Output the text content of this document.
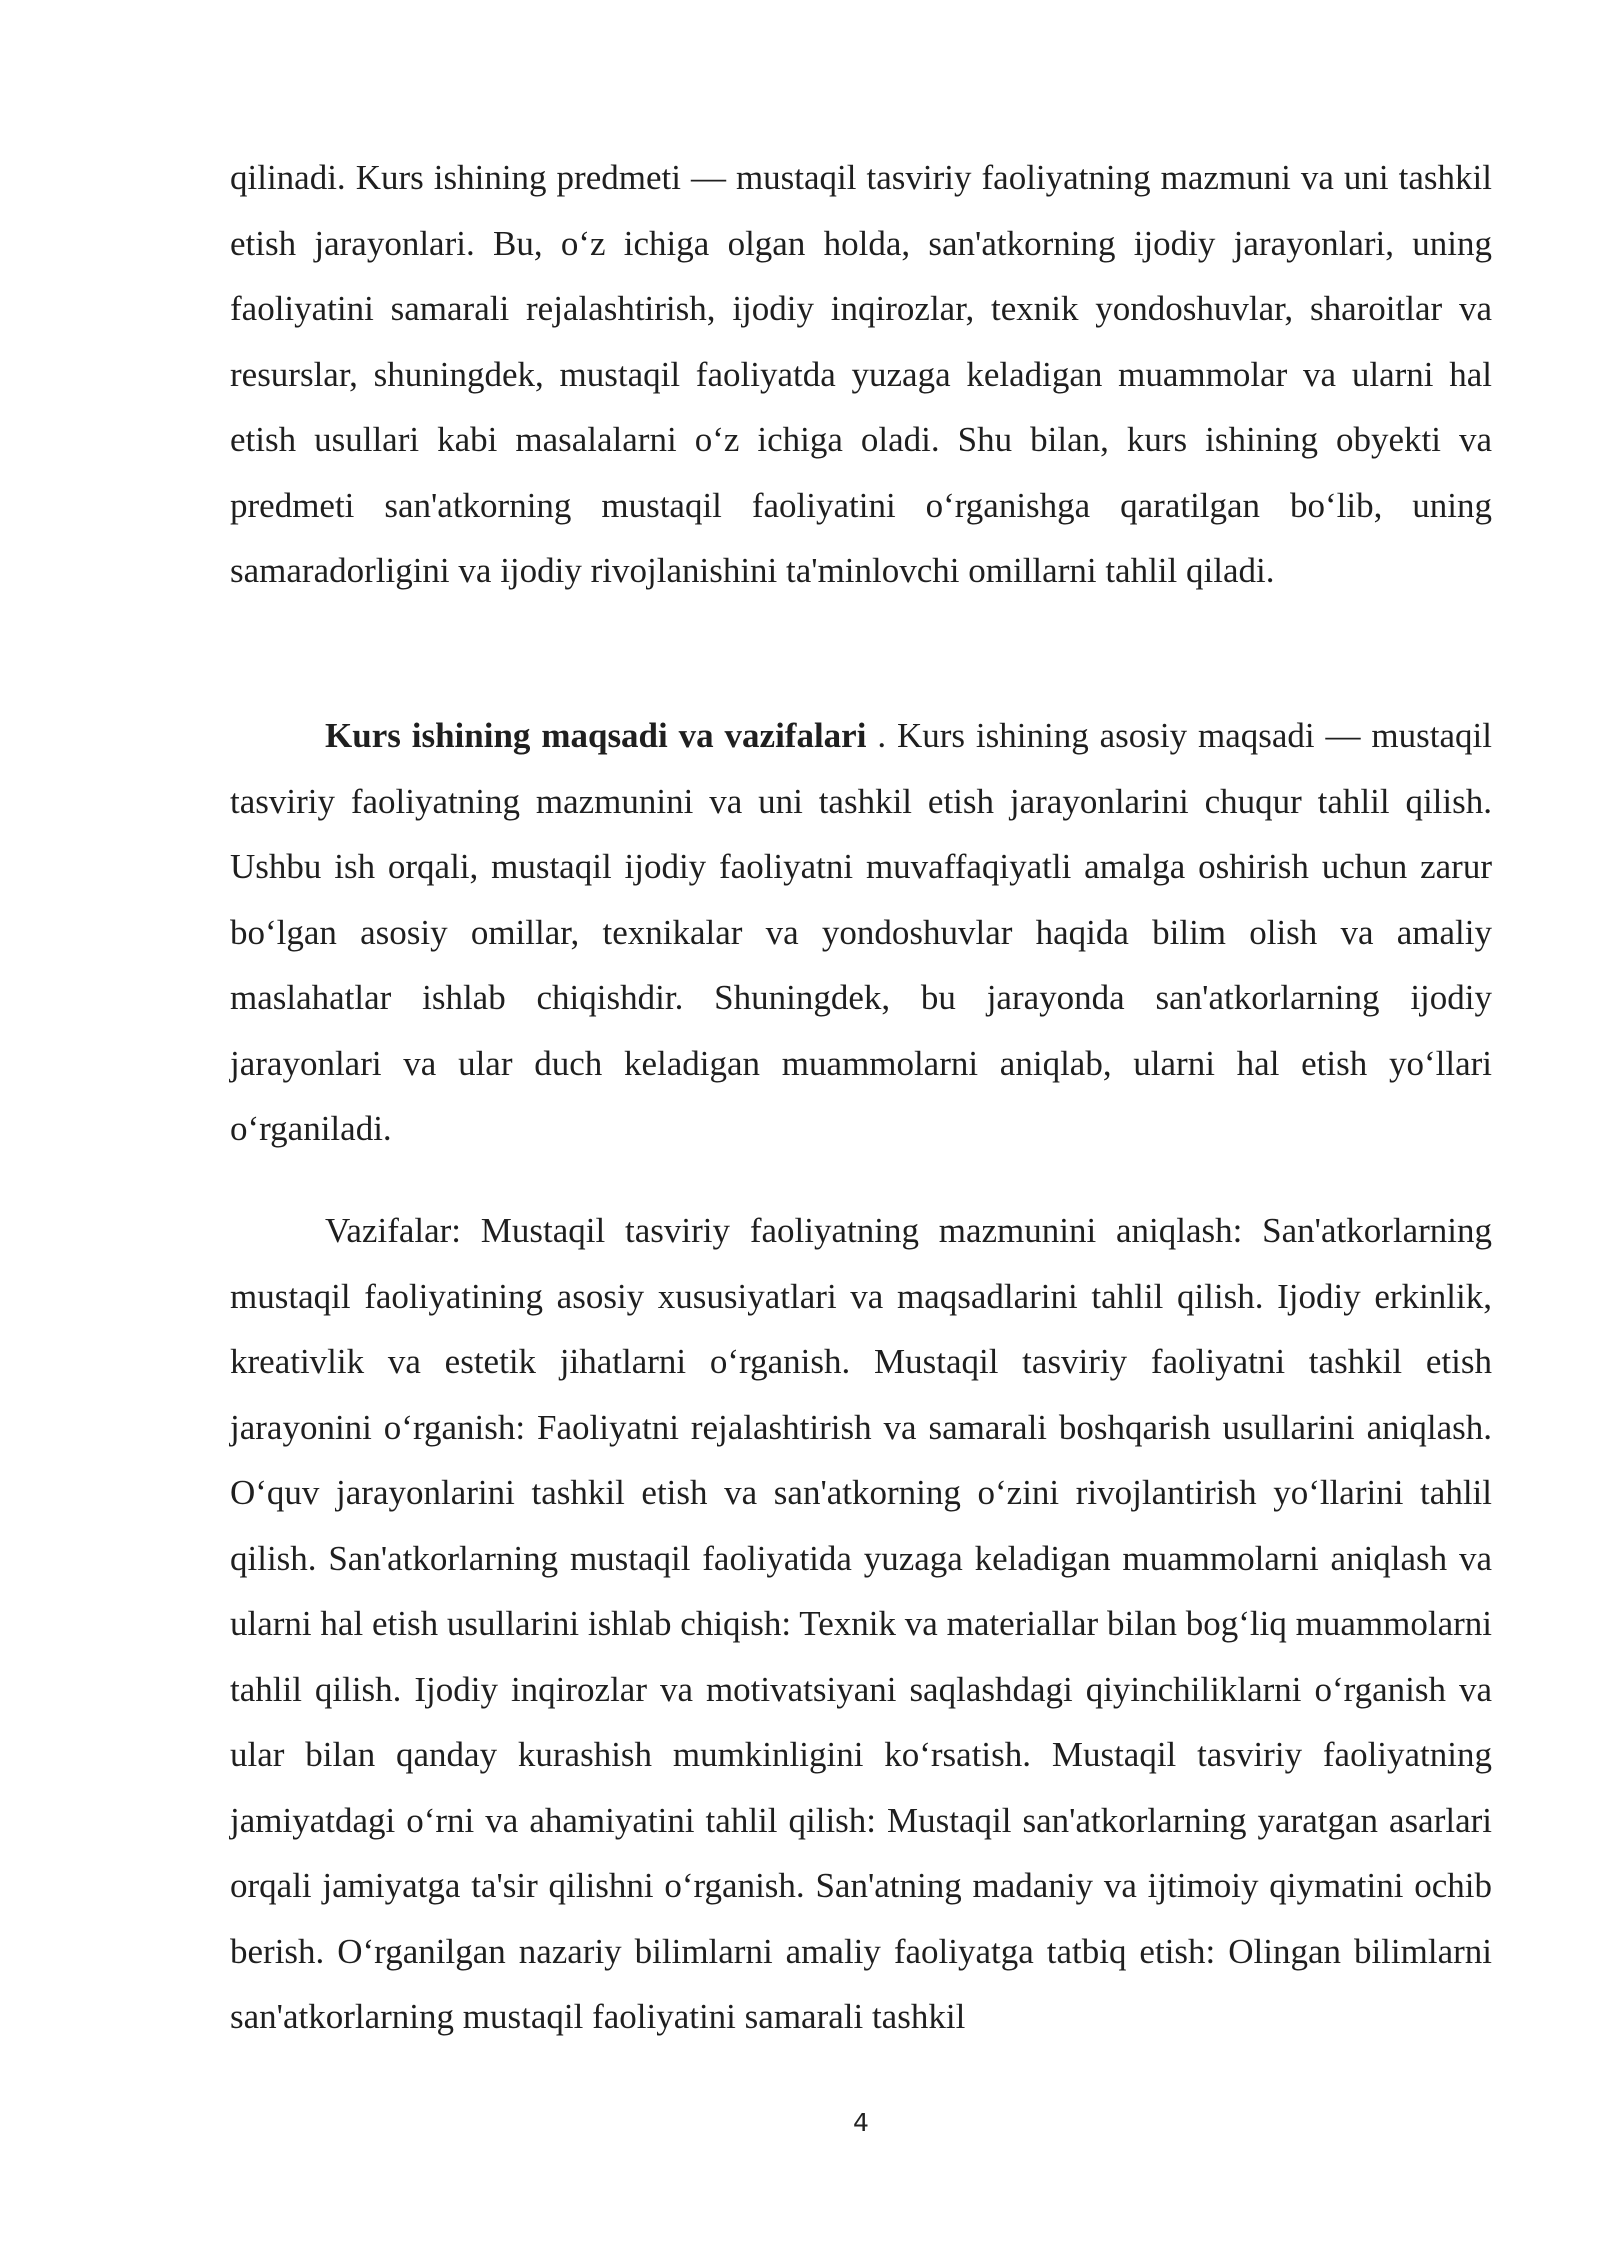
qilinadi. Kurs ishining predmeti — mustaqil tasviriy faoliyatning mazmuni va uni tashkil etish jarayonlari. Bu, o‘z ichiga olgan holda, san'atkorning ijodiy jarayonlari, uning faoliyatini samarali rejalashtirish, ijodiy inqirozlar, texnik yondoshuvlar, sharoitlar va resurslar, shuningdek, mustaqil faoliyatda yuzaga keladigan muammolar va ularni hal etish usullari kabi masalalarni o‘z ichiga oladi. Shu bilan, kurs ishining obyekti va predmeti san'atkorning mustaqil faoliyatini o‘rganishga qaratilgan bo‘lib, uning samaradorligini va ijodiy rivojlanishini ta'minlovchi omillarni tahlil qiladi.

Kurs ishining maqsadi va vazifalari . Kurs ishining asosiy maqsadi — mustaqil tasviriy faoliyatning mazmunini va uni tashkil etish jarayonlarini chuqur tahlil qilish. Ushbu ish orqali, mustaqil ijodiy faoliyatni muvaffaqiyatli amalga oshirish uchun zarur bo‘lgan asosiy omillar, texnikalar va yondoshuvlar haqida bilim olish va amaliy maslahatlar ishlab chiqishdir. Shuningdek, bu jarayonda san'atkorlarning ijodiy jarayonlari va ular duch keladigan muammolarni aniqlab, ularni hal etish yo‘llari o‘rganiladi.

Vazifalar: Mustaqil tasviriy faoliyatning mazmunini aniqlash: San'atkorlarning mustaqil faoliyatining asosiy xususiyatlari va maqsadlarini tahlil qilish. Ijodiy erkinlik, kreativlik va estetik jihatlarni o‘rganish. Mustaqil tasviriy faoliyatni tashkil etish jarayonini o‘rganish: Faoliyatni rejalashtirish va samarali boshqarish usullarini aniqlash. O‘quv jarayonlarini tashkil etish va san'atkorning o‘zini rivojlantirish yo‘llarini tahlil qilish. San'atkorlarning mustaqil faoliyatida yuzaga keladigan muammolarni aniqlash va ularni hal etish usullarini ishlab chiqish: Texnik va materiallar bilan bog‘liq muammolarni tahlil qilish. Ijodiy inqirozlar va motivatsiyani saqlashdagi qiyinchiliklarni o‘rganish va ular bilan qanday kurashish mumkinligini ko‘rsatish. Mustaqil tasviriy faoliyatning jamiyatdagi o‘rni va ahamiyatini tahlil qilish: Mustaqil san'atkorlarning yaratgan asarlari orqali jamiyatga ta'sir qilishni o‘rganish. San'atning madaniy va ijtimoiy qiymatini ochib berish. O‘rganilgan nazariy bilimlarni amaliy faoliyatga tatbiq etish: Olingan bilimlarni san'atkorlarning mustaqil faoliyatini samarali tashkil

4
